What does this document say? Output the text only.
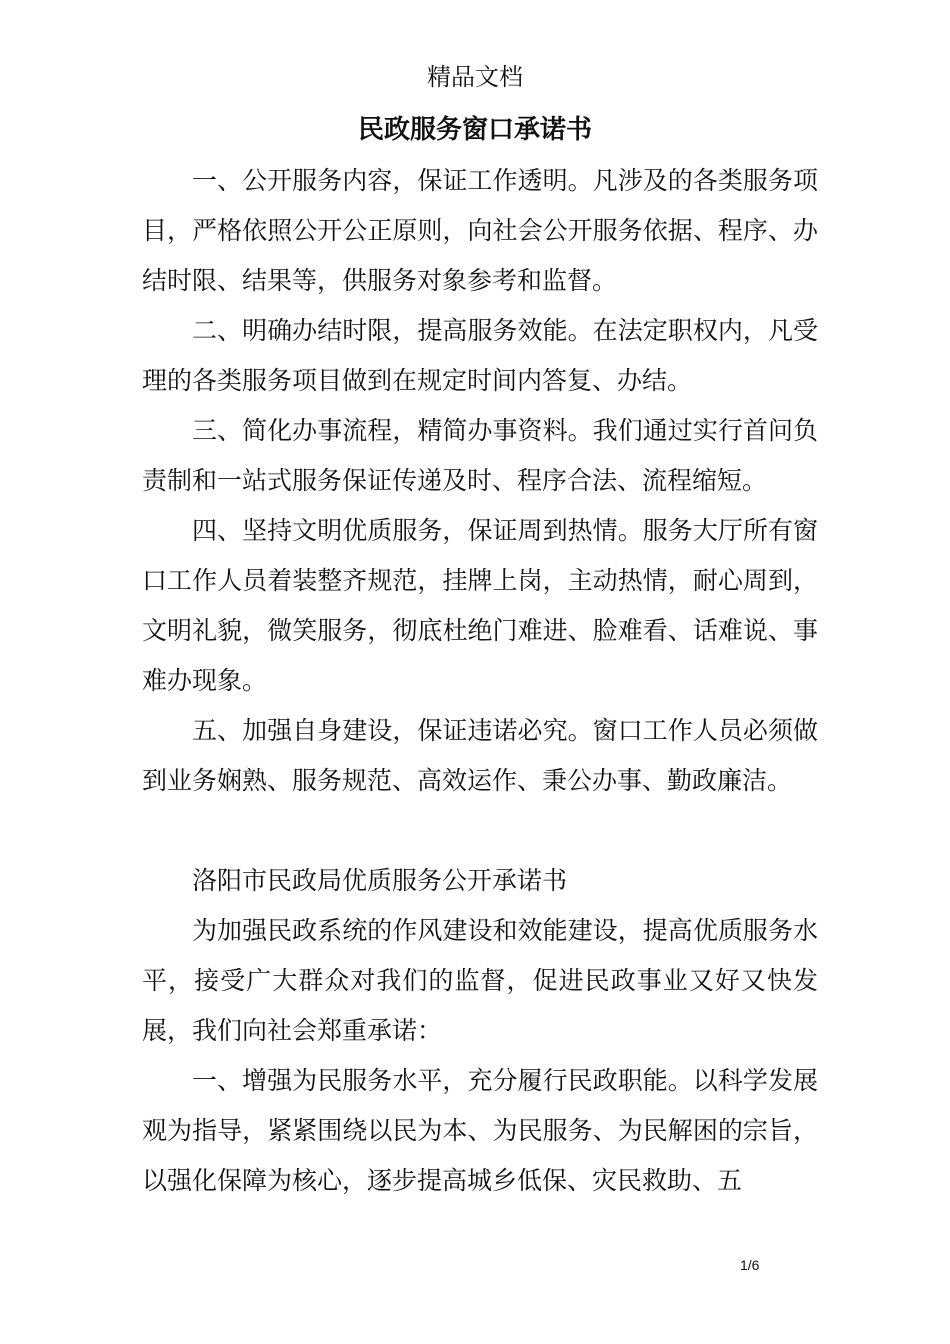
精品文档
民政服务窗口承诺书

一、公开服务内容，保证工作透明。凡涉及的各类服务项目，严格依照公开公正原则，向社会公开服务依据、程序、办结时限、结果等，供服务对象参考和监督。

二、明确办结时限，提高服务效能。在法定职权内，凡受理的各类服务项目做到在规定时间内答复、办结。

三、简化办事流程，精简办事资料。我们通过实行首问负责制和一站式服务保证传递及时、程序合法、流程缩短。

四、坚持文明优质服务，保证周到热情。服务大厅所有窗口工作人员着装整齐规范，挂牌上岗，主动热情，耐心周到，文明礼貌，微笑服务，彻底杜绝门难进、脸难看、话难说、事难办现象。

五、加强自身建设，保证违诺必究。窗口工作人员必须做到业务娴熟、服务规范、高效运作、秉公办事、勤政廉洁。

洛阳市民政局优质服务公开承诺书

为加强民政系统的作风建设和效能建设，提高优质服务水平，接受广大群众对我们的监督，促进民政事业又好又快发展，我们向社会郑重承诺：

一、增强为民服务水平，充分履行民政职能。以科学发展观为指导，紧紧围绕以民为本、为民服务、为民解困的宗旨，以强化保障为核心，逐步提高城乡低保、灾民救助、五

1/6
